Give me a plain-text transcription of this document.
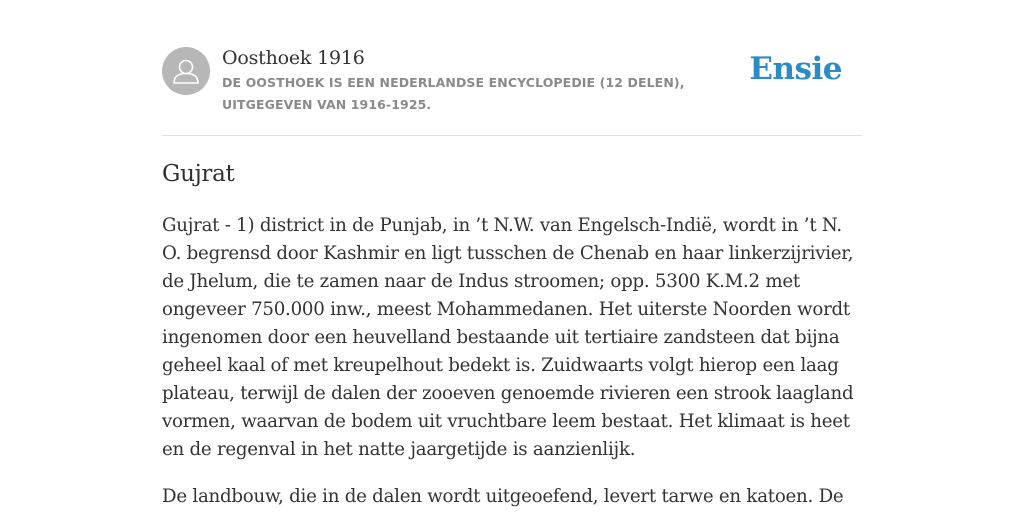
Oosthoek 1916

DE OOSTHOEK IS EEN NEDERLANDSE ENCYCLOPEDIE (12 DELEN), UITGEGEVEN VAN 1916-1925.

Ensie
Gujrat

Gujrat - 1) district in de Punjab, in ’t N.W. van Engelsch-Indië, wordt in ’t N. O. begrensd door Kashmir en ligt tusschen de Chenab en haar linkerzijrivier, de Jhelum, die te zamen naar de Indus stroomen; opp. 5300 K.M.2 met ongeveer 750.000 inw., meest Mohammedanen. Het uiterste Noorden wordt ingenomen door een heuvelland bestaande uit tertiaire zandsteen dat bijna geheel kaal of met kreupelhout bedekt is. Zuidwaarts volgt hierop een laag plateau, terwijl de dalen der zooeven genoemde rivieren een strook laagland vormen, waarvan de bodem uit vruchtbare leem bestaat. Het klimaat is heet en de regenval in het natte jaargetijde is aanzienlijk.

De landbouw, die in de dalen wordt uitgeoefend, levert tarwe en katoen. De
